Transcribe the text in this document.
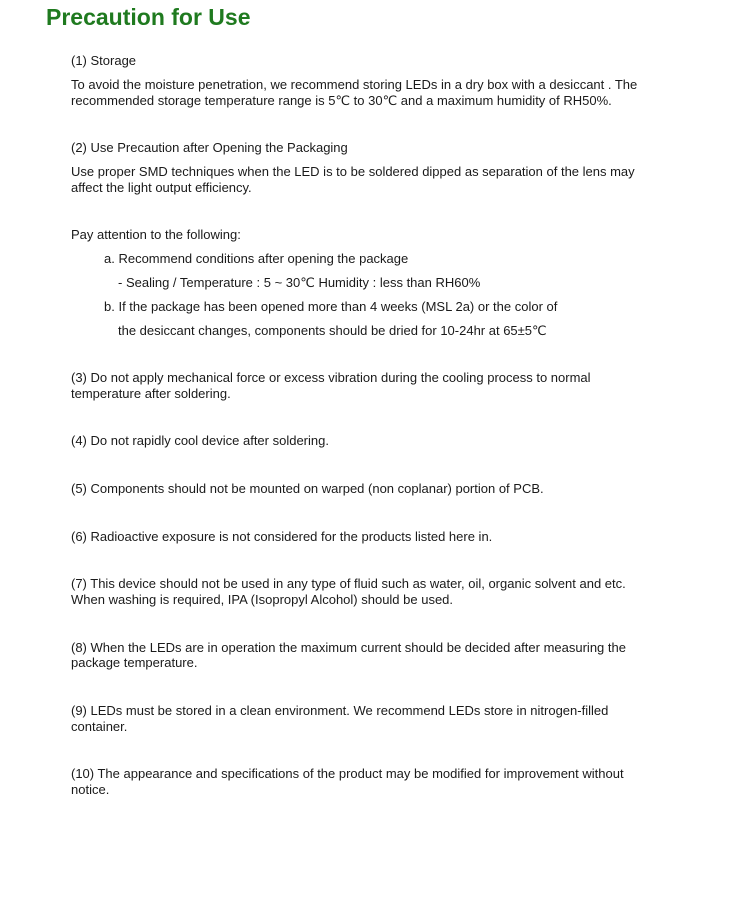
Precaution for Use
(1) Storage
To avoid the moisture penetration, we recommend storing LEDs in a dry box with a desiccant . The
recommended storage temperature range is 5℃ to 30℃ and a maximum humidity of RH50%.
(2) Use Precaution after Opening the Packaging
Use proper SMD techniques when the LED is to be soldered dipped as separation of the lens may
affect the light output efficiency.
Pay attention to the following:
a. Recommend conditions after opening the package
- Sealing / Temperature : 5 ~ 30℃ Humidity : less than RH60%
b. If the package has been opened more than 4 weeks (MSL 2a) or the color of
the desiccant changes, components should be dried for 10-24hr at 65±5℃
(3) Do not apply mechanical force or excess vibration during the cooling process to normal
temperature after soldering.
(4) Do not rapidly cool device after soldering.
(5) Components should not be mounted on warped (non coplanar) portion of PCB.
(6) Radioactive exposure is not considered for the products listed here in.
(7) This device should not be used in any type of fluid such as water, oil, organic solvent and etc.
When washing is required, IPA (Isopropyl Alcohol) should be used.
(8) When the LEDs are in operation the maximum current should be decided after measuring the
package temperature.
(9) LEDs must be stored in a clean environment. We recommend LEDs store in nitrogen-filled
container.
(10) The appearance and specifications of the product may be modified for improvement without
notice.
